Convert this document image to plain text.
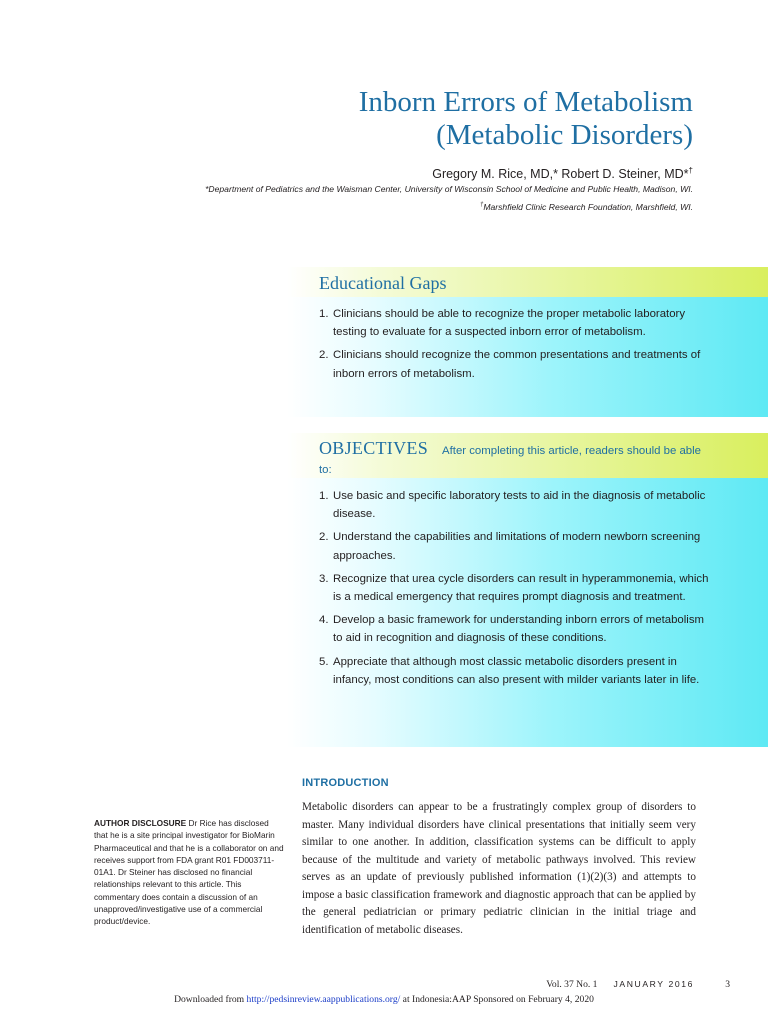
Inborn Errors of Metabolism
(Metabolic Disorders)
Gregory M. Rice, MD,* Robert D. Steiner, MD*†
*Department of Pediatrics and the Waisman Center, University of Wisconsin School of Medicine and Public Health, Madison, WI.
†Marshfield Clinic Research Foundation, Marshfield, WI.
Educational Gaps
1. Clinicians should be able to recognize the proper metabolic laboratory testing to evaluate for a suspected inborn error of metabolism.
2. Clinicians should recognize the common presentations and treatments of inborn errors of metabolism.
OBJECTIVES After completing this article, readers should be able to:
1. Use basic and specific laboratory tests to aid in the diagnosis of metabolic disease.
2. Understand the capabilities and limitations of modern newborn screening approaches.
3. Recognize that urea cycle disorders can result in hyperammonemia, which is a medical emergency that requires prompt diagnosis and treatment.
4. Develop a basic framework for understanding inborn errors of metabolism to aid in recognition and diagnosis of these conditions.
5. Appreciate that although most classic metabolic disorders present in infancy, most conditions can also present with milder variants later in life.
INTRODUCTION
Metabolic disorders can appear to be a frustratingly complex group of disorders to master. Many individual disorders have clinical presentations that initially seem very similar to one another. In addition, classification systems can be difficult to apply because of the multitude and variety of metabolic pathways involved. This review serves as an update of previously published information (1)(2)(3) and attempts to impose a basic classification framework and diagnostic approach that can be applied by the general pediatrician or primary pediatric clinician in the initial triage and identification of metabolic diseases.
AUTHOR DISCLOSURE Dr Rice has disclosed that he is a site principal investigator for BioMarin Pharmaceutical and that he is a collaborator on and receives support from FDA grant R01 FD003711-01A1. Dr Steiner has disclosed no financial relationships relevant to this article. This commentary does contain a discussion of an unapproved/investigative use of a commercial product/device.
Vol. 37 No. 1 JANUARY 2016	3
Downloaded from http://pedsinreview.aappublications.org/ at Indonesia:AAP Sponsored on February 4, 2020
